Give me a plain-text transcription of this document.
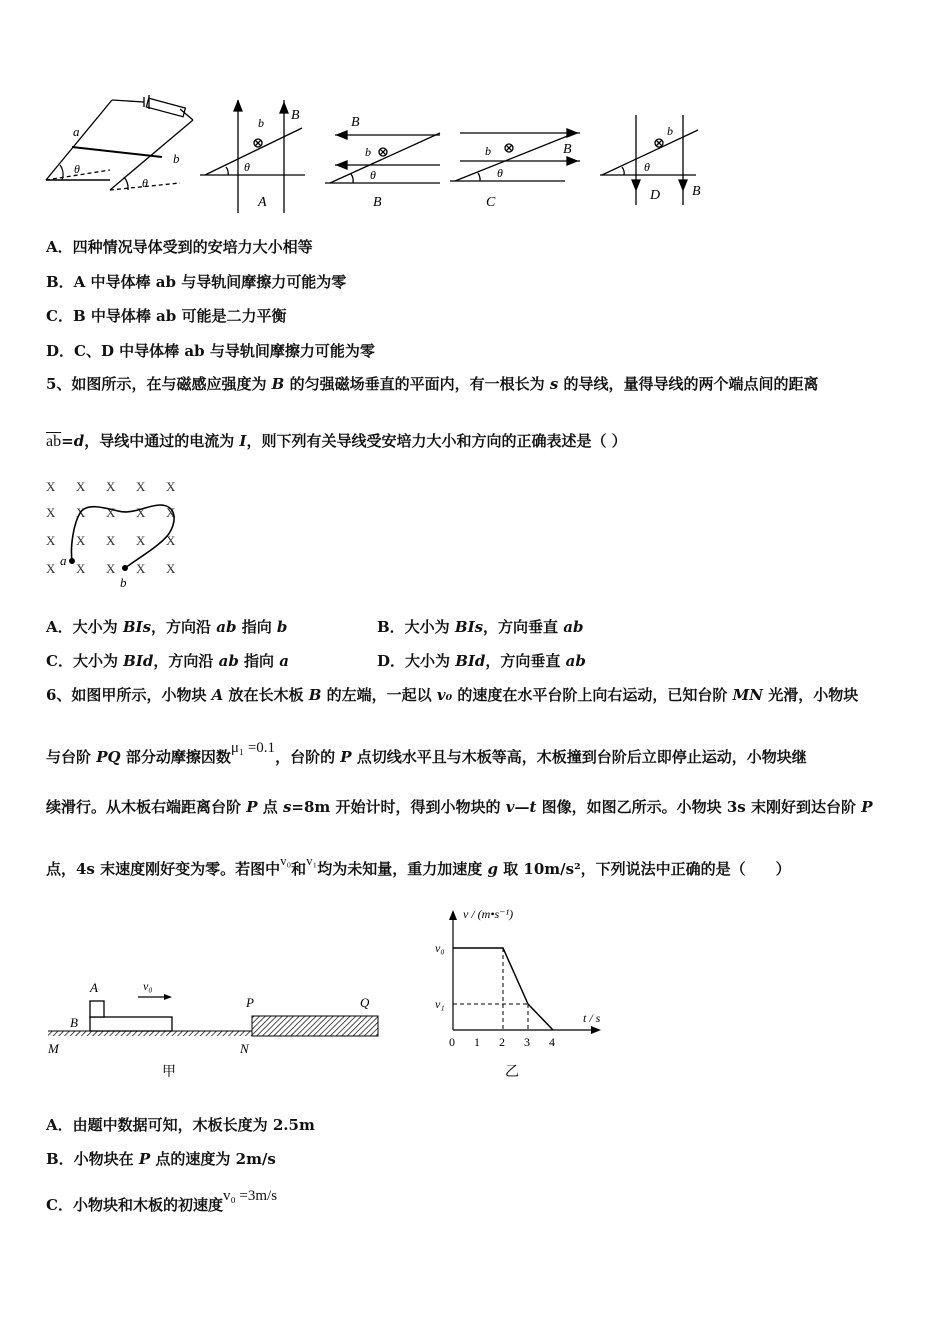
a
b
θ
θ
b B
θ
A
B
b
θ
B
b	B
θ
C
b
θ
D B
A．四种情况导体受到的安培力大小相等
B．A 中导体棒 ab 与导轨间摩擦力可能为零
C．B 中导体棒 ab 可能是二力平衡
D．C、D 中导体棒 ab 与导轨间摩擦力可能为零
5、如图所示，在与磁感应强度为 B 的匀强磁场垂直的平面内，有一根长为 s 的导线，量得导线的两个端点间的距离
$\overline{ab}=d$，导线中通过的电流为 I，则下列有关导线受安培力大小和方向的正确表述是（ ）
X X X X X
X X X X X
X X X X X
X X X X X
a
b
A．大小为 BIs，方向沿 ab 指向 b	B．大小为 BIs，方向垂直 ab
C．大小为 BId，方向沿 ab 指向 a	D．大小为 BId，方向垂直 ab
6、如图甲所示，小物块 A 放在长木板 B 的左端，一起以 v₀ 的速度在水平台阶上向右运动，已知台阶 MN 光滑，小物块
与台阶 PQ 部分动摩擦因数μ₁ =0.1，台阶的 P 点切线水平且与木板等高，木板撞到台阶后立即停止运动，小物块继
续滑行。从木板右端距离台阶 P 点 s=8m 开始计时，得到小物块的 v—t 图像，如图乙所示。小物块 3s 末刚好到达台阶 P
点，4s 末速度刚好变为零。若图中v₀和v₁均为未知量，重力加速度 g 取 10m/s²，下列说法中正确的是（　　）
A
B
v₀
P	Q
M	N
甲
0 1 2 3 4
v₀
v₁
v / (m•s⁻¹)
t / s
乙
A．由题中数据可知，木板长度为 2.5m
B．小物块在 P 点的速度为 2m/s
C．小物块和木板的初速度v₀ =3m/s
